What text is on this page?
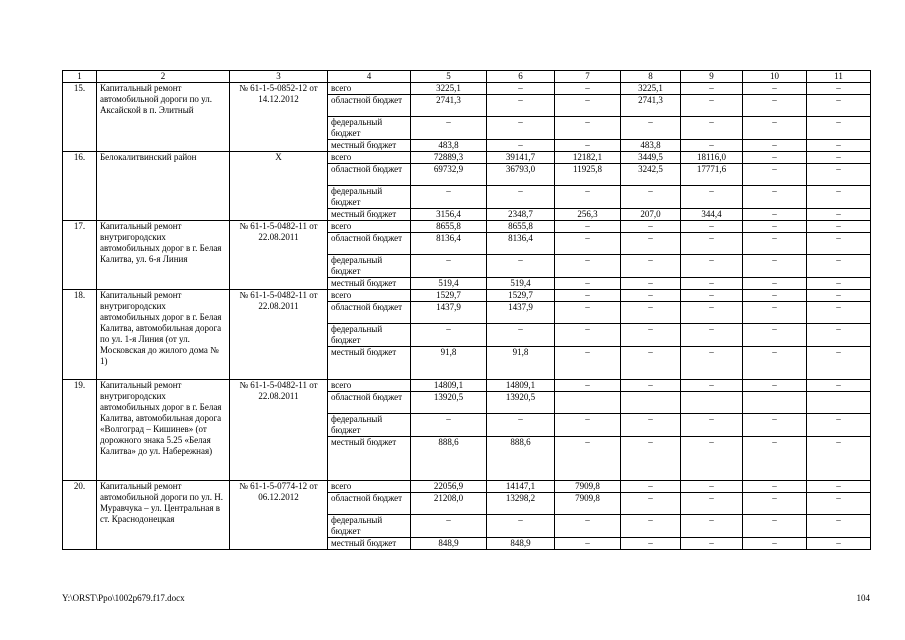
1	2	3	4	5	6	7	8	9	10	11
15.	Капитальный ремонт автомобильной дороги по ул. Аксайской в п. Элитный	№ 61-1-5-0852-12 от 14.12.2012	всего	3225,1	–	–	3225,1	–	–	–
			областной бюджет	2741,3	–	–	2741,3	–	–	–
			федеральный бюджет	–	–	–	–	–	–	–
			местный бюджет	483,8	–	–	483,8	–	–	–
16.	Белокалитвинский район	X	всего	72889,3	39141,7	12182,1	3449,5	18116,0	–	–
			областной бюджет	69732,9	36793,0	11925,8	3242,5	17771,6	–	–
			федеральный бюджет	–	–	–	–	–	–	–
			местный бюджет	3156,4	2348,7	256,3	207,0	344,4	–	–
17.	Капитальный ремонт внутригородских автомобильных дорог в г. Белая Калитва, ул. 6-я Линия	№ 61-1-5-0482-11 от 22.08.2011	всего	8655,8	8655,8	–	–	–	–	–
			областной бюджет	8136,4	8136,4	–	–	–	–	–
			федеральный бюджет	–	–	–	–	–	–	–
			местный бюджет	519,4	519,4	–	–	–	–	–
18.	Капитальный ремонт внутригородских автомобильных дорог в г. Белая Калитва, автомобильная дорога по ул. 1-я Линия (от ул. Московская до жилого дома № 1)	№ 61-1-5-0482-11 от 22.08.2011	всего	1529,7	1529,7	–	–	–	–	–
			областной бюджет	1437,9	1437,9	–	–	–	–	–
			федеральный бюджет	–	–	–	–	–	–	–
			местный бюджет	91,8	91,8	–	–	–	–	–
19.	Капитальный ремонт внутригородских автомобильных дорог в г. Белая Калитва, автомобильная дорога «Волгоград – Кишинев» (от дорожного знака 5.25 «Белая Калитва» до ул. Набережная)	№ 61-1-5-0482-11 от 22.08.2011	всего	14809,1	14809,1	–	–	–	–	–
			областной бюджет	13920,5	13920,5					
			федеральный бюджет	–	–	–	–	–	–	–
			местный бюджет	888,6	888,6	–	–	–	–	–
20.	Капитальный ремонт автомобильной дороги по ул. Н. Муравчука – ул. Центральная в ст. Краснодонецкая	№ 61-1-5-0774-12 от 06.12.2012	всего	22056,9	14147,1	7909,8	–	–	–	–
			областной бюджет	21208,0	13298,2	7909,8	–	–	–	–
			федеральный бюджет	–	–	–	–	–	–	–
			местный бюджет	848,9	848,9	–	–	–	–	–
Y:\ORST\Ppo\1002p679.f17.docx	104
